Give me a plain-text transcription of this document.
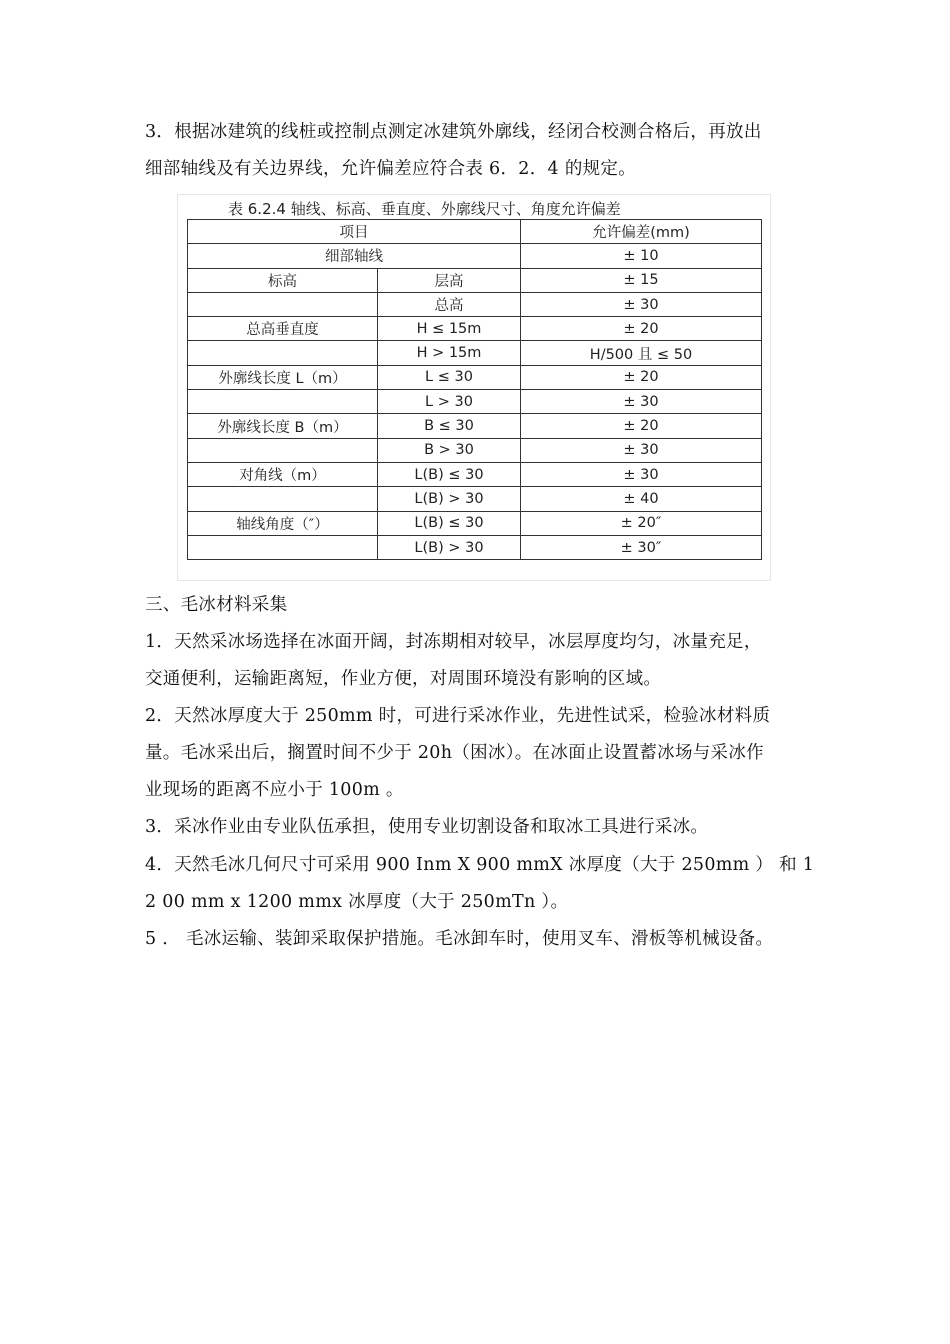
3．根据冰建筑的线桩或控制点测定冰建筑外廓线，经闭合校测合格后，再放出

细部轴线及有关边界线，允许偏差应符合表 6．2．4 的规定。

表 6.2.4 轴线、标高、垂直度、外廓线尺寸、角度允许偏差
项目		允许偏差(mm)
细部轴线		± 10
标高	层高	± 15
	总高	± 30
总高垂直度	H ≤ 15m	± 20
	H > 15m	H/500 且 ≤ 50
外廓线长度 L（m）	L ≤ 30	± 20
	L > 30	± 30
外廓线长度 B（m）	B ≤ 30	± 20
	B > 30	± 30
对角线（m）	L(B) ≤ 30	± 30
	L(B) > 30	± 40
轴线角度（″）	L(B) ≤ 30	± 20″
	L(B) > 30	± 30″

三、毛冰材料采集

1．天然采冰场选择在冰面开阔，封冻期相对较早，冰层厚度均匀，冰量充足，

交通便利，运输距离短，作业方便，对周围环境没有影响的区域。

2．天然冰厚度大于 250mm 时，可进行采冰作业，先进性试采，检验冰材料质

量。毛冰采出后，搁置时间不少于 20h（困冰）。在冰面止设置蓄冰场与采冰作

业现场的距离不应小于 100m 。

3．采冰作业由专业队伍承担，使用专业切割设备和取冰工具进行采冰。

4．天然毛冰几何尺寸可采用 900 Inm X 900 mmX 冰厚度（大于 250mm ） 和 1

2 00 mm x 1200 mmx 冰厚度（大于 250mTn ）。

5 ． 毛冰运输、装卸采取保护措施。毛冰卸车时，使用叉车、滑板等机械设备。
